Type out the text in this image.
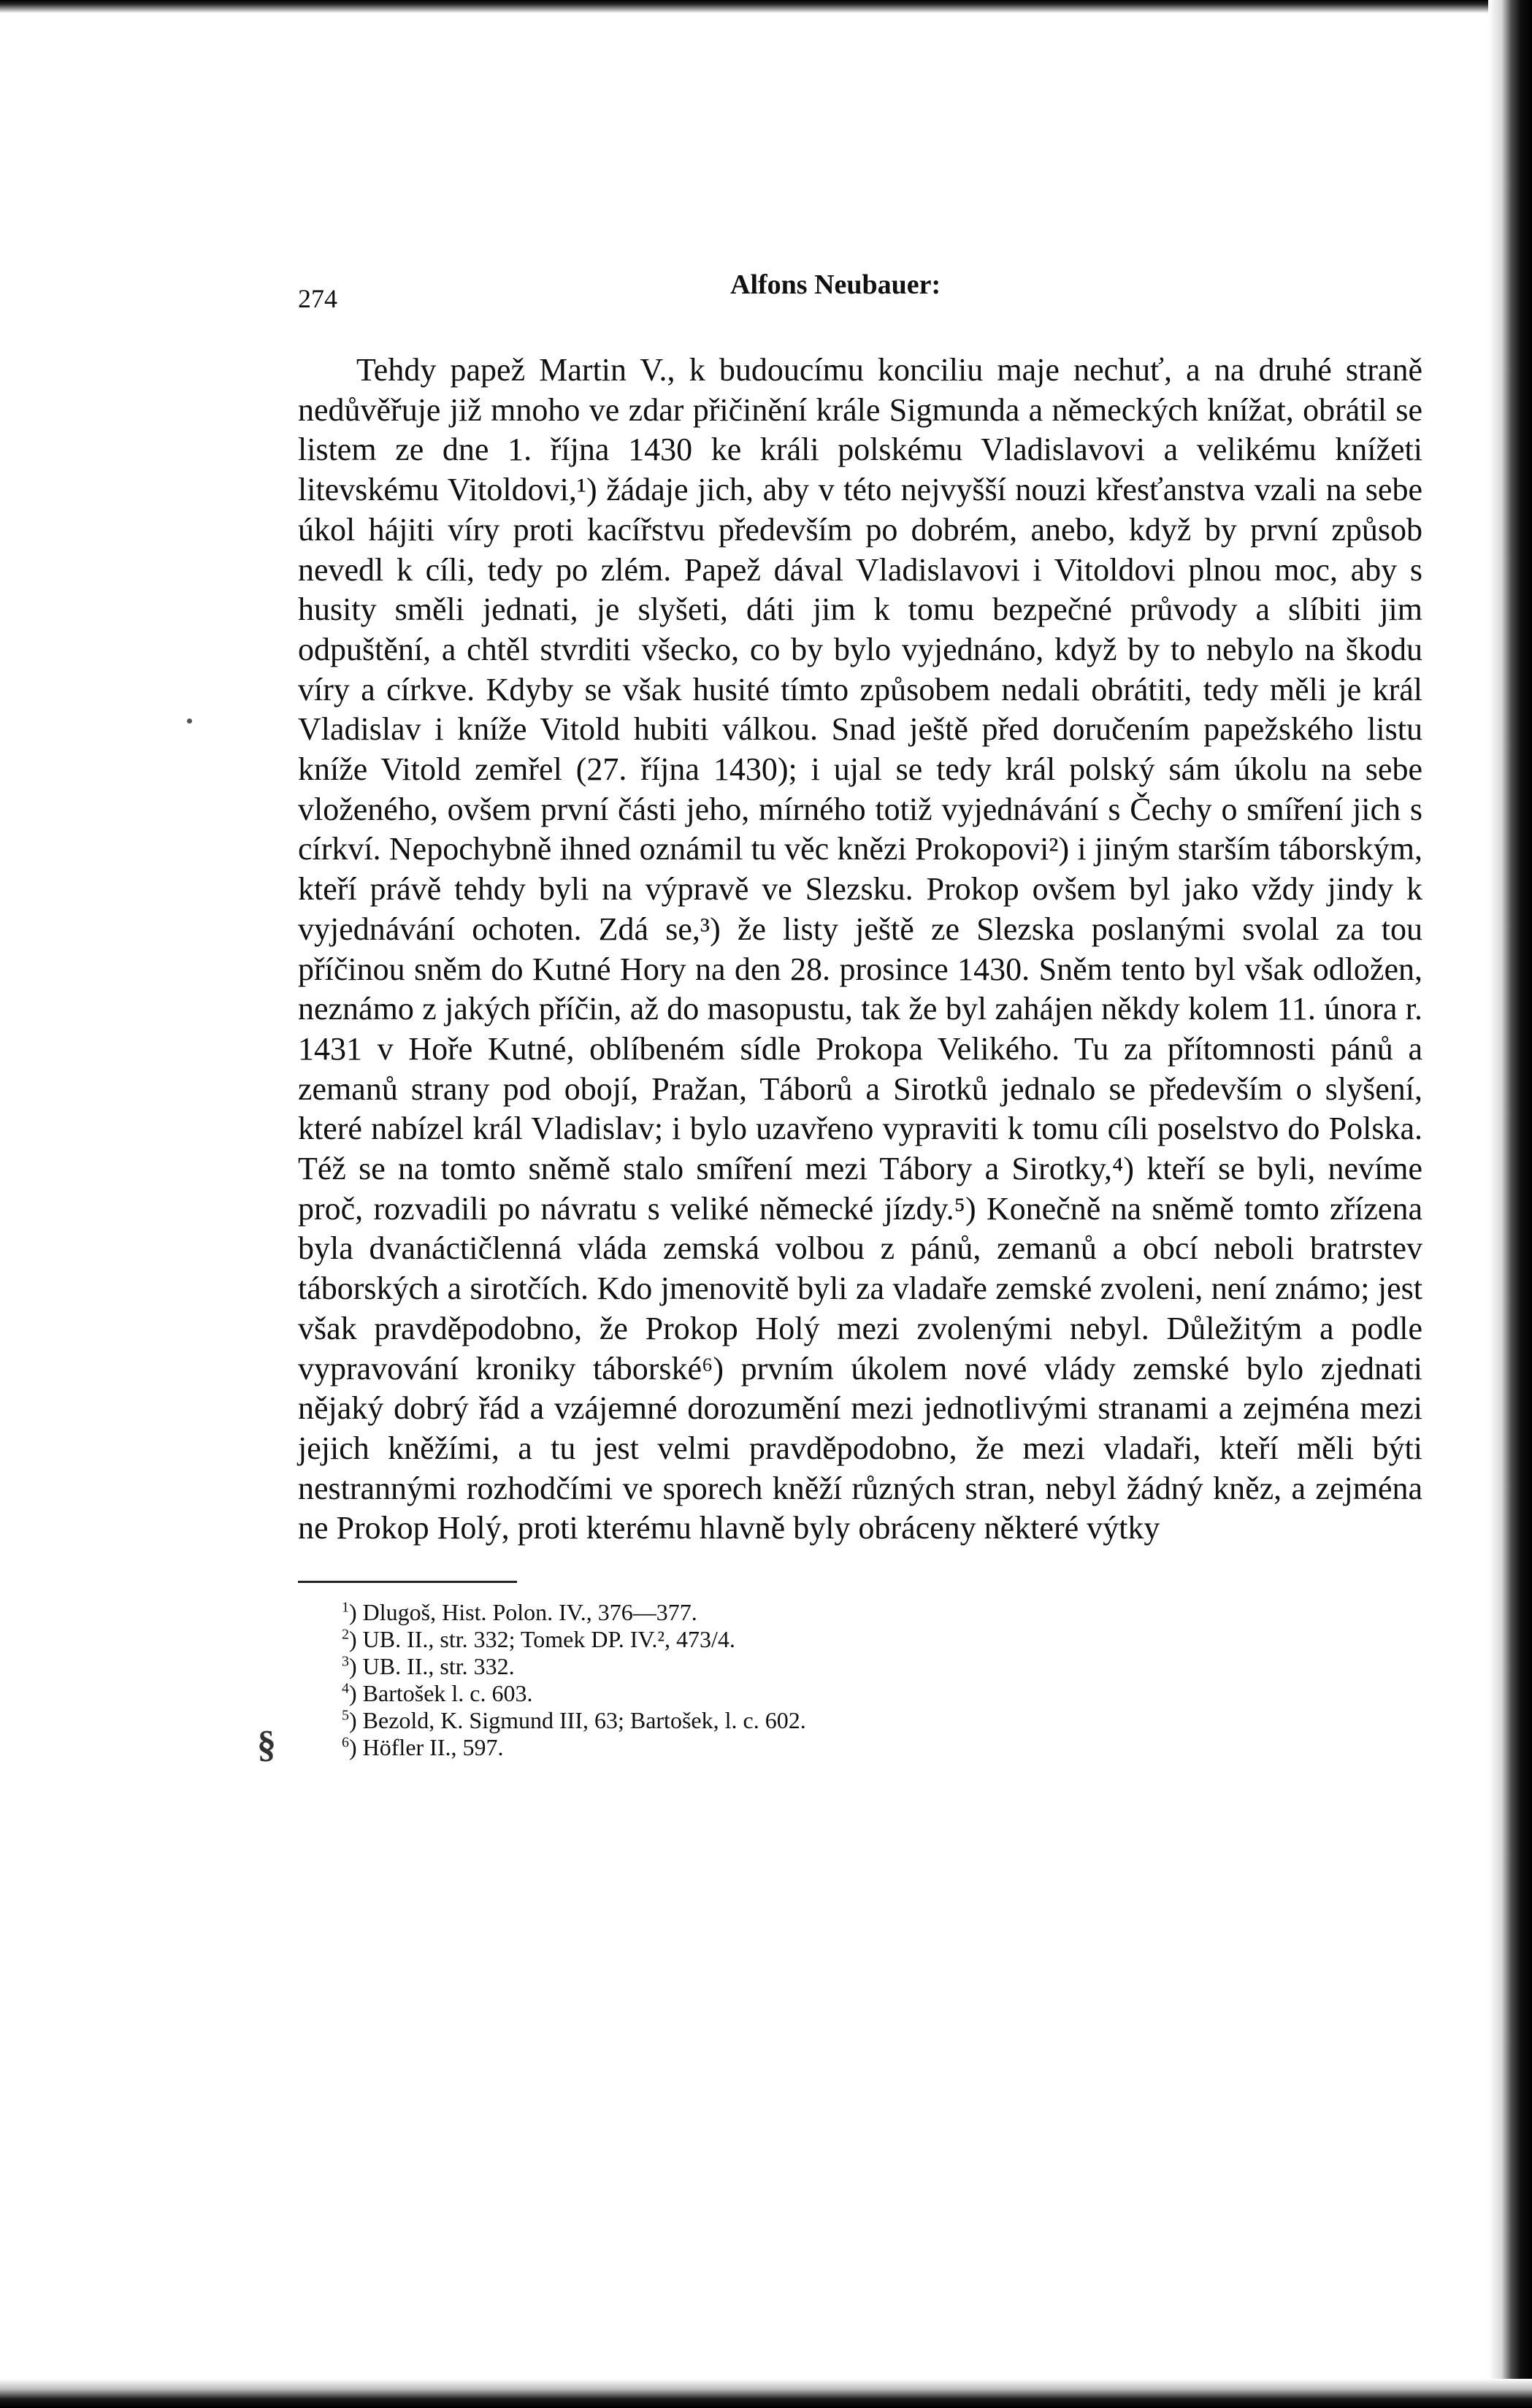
§
274	Alfons Neubauer:

Tehdy papež Martin V., k budoucímu konciliu maje nechuť, a na druhé straně nedůvěřuje již mnoho ve zdar přičinění krále Sigmunda a německých knížat, obrátil se listem ze dne 1. října 1430 ke králi polskému Vladislavovi a velikému knížeti litevskému Vitoldovi,¹) žádaje jich, aby v této nejvyšší nouzi křesťanstva vzali na sebe úkol hájiti víry proti kacířstvu především po dobrém, anebo, když by první způsob nevedl k cíli, tedy po zlém. Papež dával Vladislavovi i Vitoldovi plnou moc, aby s husity směli jednati, je slyšeti, dáti jim k tomu bezpečné průvody a slíbiti jim odpuštění, a chtěl stvrditi všecko, co by bylo vyjednáno, když by to nebylo na škodu víry a církve. Kdyby se však husité tímto způsobem nedali obrátiti, tedy měli je král Vladislav i kníže Vitold hubiti válkou. Snad ještě před doručením papežského listu kníže Vitold zemřel (27. října 1430); i ujal se tedy král polský sám úkolu na sebe vloženého, ovšem první části jeho, mírného totiž vyjednávání s Čechy o smíření jich s církví. Nepochybně ihned oznámil tu věc knězi Prokopovi²) i jiným starším táborským, kteří právě tehdy byli na výpravě ve Slezsku. Prokop ovšem byl jako vždy jindy k vyjednávání ochoten. Zdá se,³) že listy ještě ze Slezska poslanými svolal za tou příčinou sněm do Kutné Hory na den 28. prosince 1430. Sněm tento byl však odložen, neznámo z jakých příčin, až do masopustu, tak že byl zahájen někdy kolem 11. února r. 1431 v Hoře Kutné, oblíbeném sídle Prokopa Velikého. Tu za přítomnosti pánů a zemanů strany pod obojí, Pražan, Táborů a Sirotků jednalo se především o slyšení, které nabízel král Vladislav; i bylo uzavřeno vypraviti k tomu cíli poselstvo do Polska. Též se na tomto sněmě stalo smíření mezi Tábory a Sirotky,⁴) kteří se byli, nevíme proč, rozvadili po návratu s veliké německé jízdy.⁵) Konečně na sněmě tomto zřízena byla dvanáctičlenná vláda zemská volbou z pánů, zemanů a obcí neboli bratrstev táborských a sirotčích. Kdo jmenovitě byli za vladaře zemské zvoleni, není známo; jest však pravděpodobno, že Prokop Holý mezi zvolenými nebyl. Důležitým a podle vypravování kroniky táborské⁶) prvním úkolem nové vlády zemské bylo zjednati nějaký dobrý řád a vzájemné dorozumění mezi jednotlivými stranami a zejména mezi jejich kněžími, a tu jest velmi pravděpodobno, že mezi vladaři, kteří měli býti nestrannými rozhodčími ve sporech kněží různých stran, nebyl žádný kněz, a zejména ne Prokop Holý, proti kterému hlavně byly obráceny některé výtky

$^1$) Dlugoš, Hist. Polon. IV., 376—377.
$^2$) UB. II., str. 332; Tomek DP. IV.², 473/4.
$^3$) UB. II., str. 332.
$^4$) Bartošek l. c. 603.
$^5$) Bezold, K. Sigmund III, 63; Bartošek, l. c. 602.
$^6$) Höfler II., 597.
